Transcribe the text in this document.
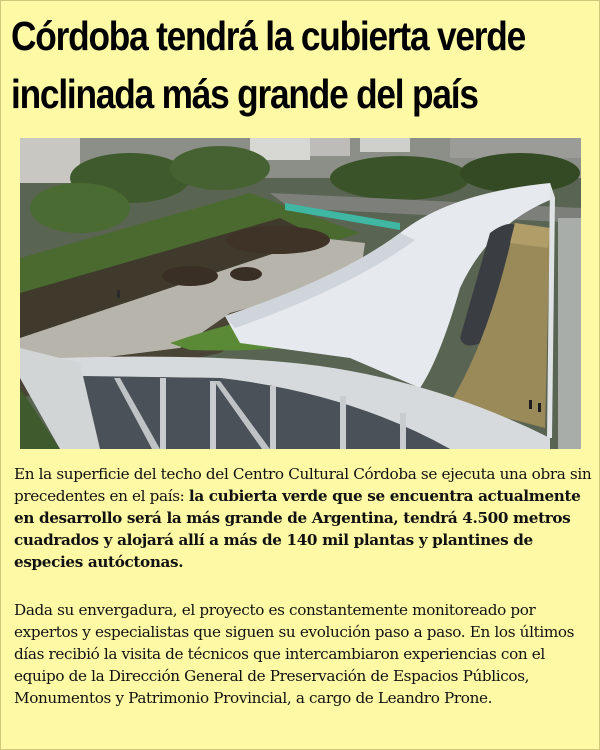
Córdoba tendrá la cubierta verde
inclinada más grande del país

En la superficie del techo del Centro Cultural Córdoba se ejecuta una obra sin precedentes en el país: la cubierta verde que se encuentra actualmente en desarrollo será la más grande de Argentina, tendrá 4.500 metros cuadrados y alojará allí a más de 140 mil plantas y plantines de especies autóctonas.

Dada su envergadura, el proyecto es constantemente monitoreado por expertos y especialistas que siguen su evolución paso a paso. En los últimos días recibió la visita de técnicos que intercambiaron experiencias con el equipo de la Dirección General de Preservación de Espacios Públicos, Monumentos y Patrimonio Provincial, a cargo de Leandro Prone.
